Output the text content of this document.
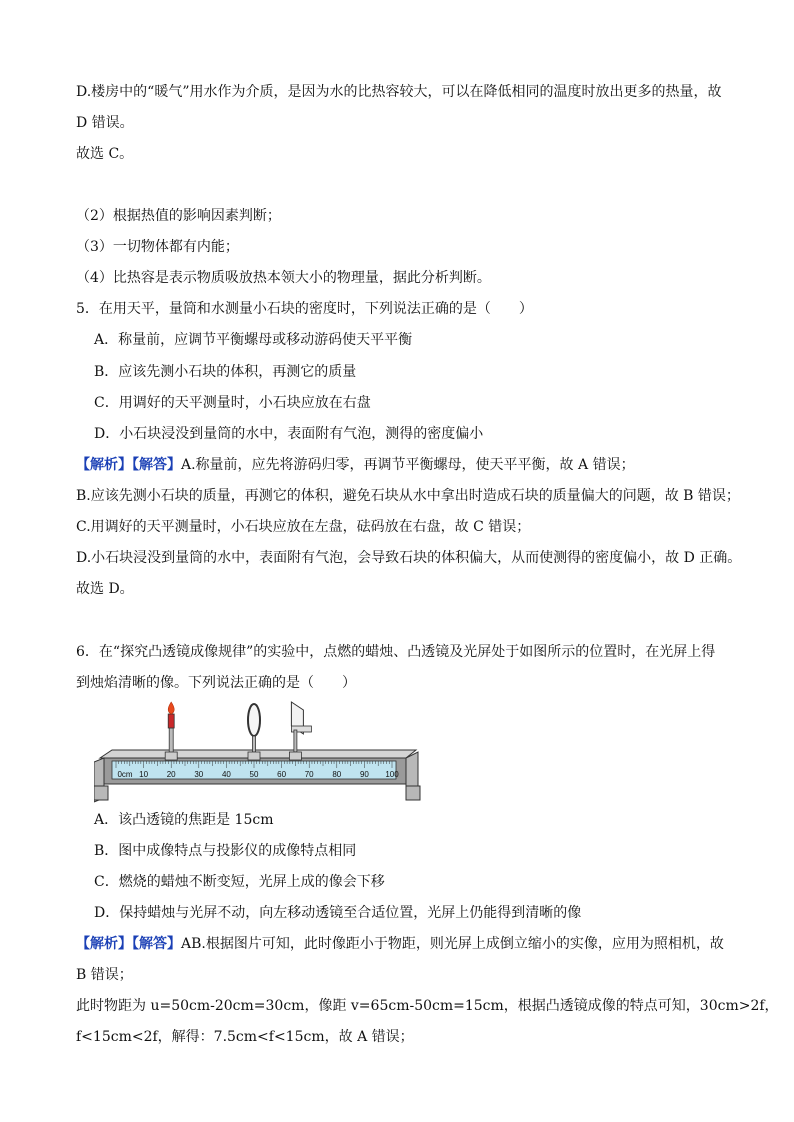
D.楼房中的“暖气”用水作为介质，是因为水的比热容较大，可以在降低相同的温度时放出更多的热量，故
D 错误。
故选 C。
（2）根据热值的影响因素判断；
（3）一切物体都有内能；
（4）比热容是表示物质吸放热本领大小的物理量，据此分析判断。
5．在用天平，量筒和水测量小石块的密度时，下列说法正确的是（　　）
A．称量前，应调节平衡螺母或移动游码使天平平衡
B．应该先测小石块的体积，再测它的质量
C．用调好的天平测量时，小石块应放在右盘
D．小石块浸没到量筒的水中，表面附有气泡，测得的密度偏小
【解析】【解答】A.称量前，应先将游码归零，再调节平衡螺母，使天平平衡，故 A 错误；
B.应该先测小石块的质量，再测它的体积，避免石块从水中拿出时造成石块的质量偏大的问题，故 B 错误；
C.用调好的天平测量时，小石块应放在左盘，砝码放在右盘，故 C 错误；
D.小石块浸没到量筒的水中，表面附有气泡，会导致石块的体积偏大，从而使测得的密度偏小，故 D 正确。
故选 D。
6．在“探究凸透镜成像规律”的实验中，点燃的蜡烛、凸透镜及光屏处于如图所示的位置时，在光屏上得
到烛焰清晰的像。下列说法正确的是（　　）
0cm 10 20 30 40 50 60 70 80 90 100
A．该凸透镜的焦距是 15cm
B．图中成像特点与投影仪的成像特点相同
C．燃烧的蜡烛不断变短，光屏上成的像会下移
D．保持蜡烛与光屏不动，向左移动透镜至合适位置，光屏上仍能得到清晰的像
【解析】【解答】AB.根据图片可知，此时像距小于物距，则光屏上成倒立缩小的实像，应用为照相机，故
B 错误；
此时物距为 u=50cm-20cm=30cm，像距 v=65cm-50cm=15cm，根据凸透镜成像的特点可知，30cm>2f，
f<15cm<2f，解得：7.5cm<f<15cm，故 A 错误；
